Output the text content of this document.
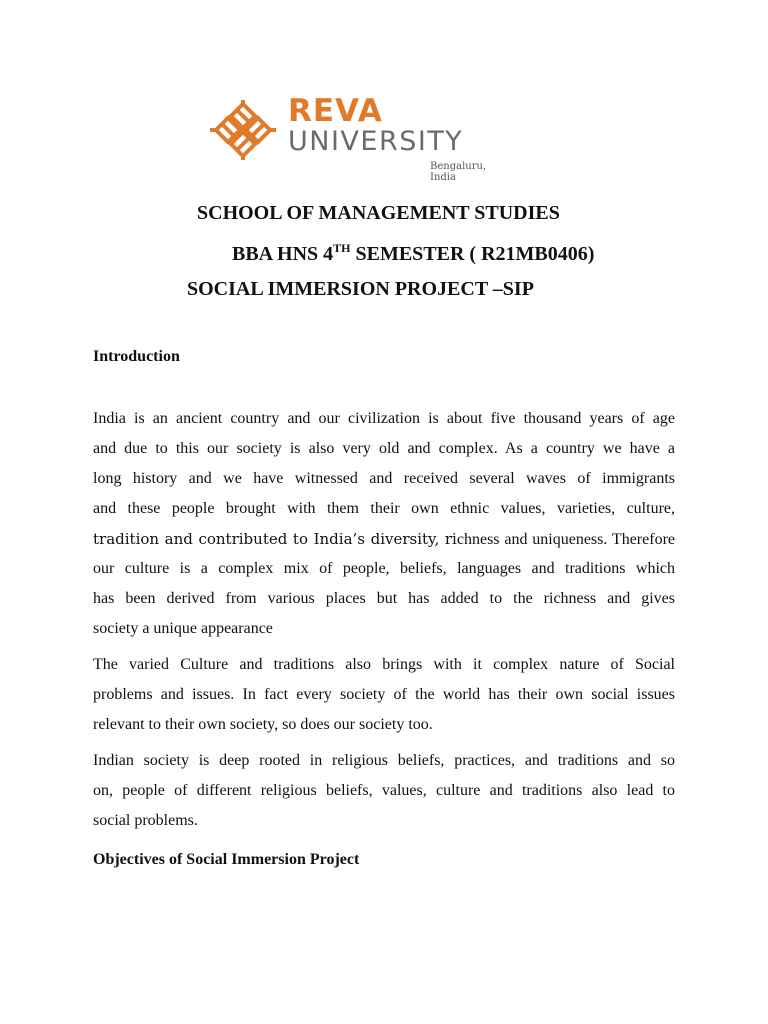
REVA
UNIVERSITY
Bengaluru, India
SCHOOL OF MANAGEMENT STUDIES
BBA HNS 4TH SEMESTER ( R21MB0406)
SOCIAL IMMERSION PROJECT –SIP
Introduction
India is an ancient country and our civilization is about five thousand years of age
and due to this our society is also very old and complex. As a country we have a
long history and we have witnessed and received several waves of immigrants
and these people brought with them their own ethnic values, varieties, culture,
tradition and contributed to India’s diversity, richness and uniqueness. Therefore
our culture is a complex mix of people, beliefs, languages and traditions which
has been derived from various places but has added to the richness and gives
society a unique appearance
The varied Culture and traditions also brings with it complex nature of Social
problems and issues. In fact every society of the world has their own social issues
relevant to their own society, so does our society too.
Indian society is deep rooted in religious beliefs, practices, and traditions and so
on, people of different religious beliefs, values, culture and traditions also lead to
social problems.
Objectives of Social Immersion Project
